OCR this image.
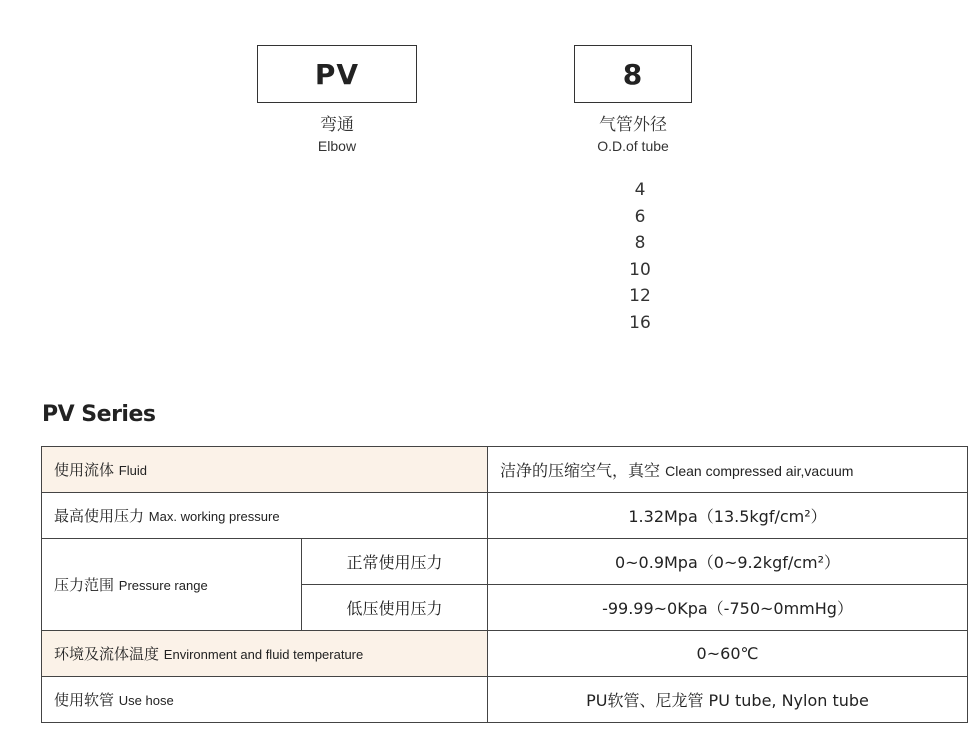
PV
弯通
Elbow
8
气管外径
O.D.of tube
4
6
8
10
12
16
PV Series
使用流体 Fluid		洁净的压缩空气，真空 Clean compressed air,vacuum
最高使用压力 Max. working pressure		1.32Mpa（13.5kgf/cm²）
压力范围 Pressure range	正常使用压力	0~0.9Mpa（0~9.2kgf/cm²）
	低压使用压力	-99.99~0Kpa（-750~0mmHg）
环境及流体温度 Environment and fluid temperature		0~60℃
使用软管 Use hose		PU软管、尼龙管 PU tube, Nylon tube
